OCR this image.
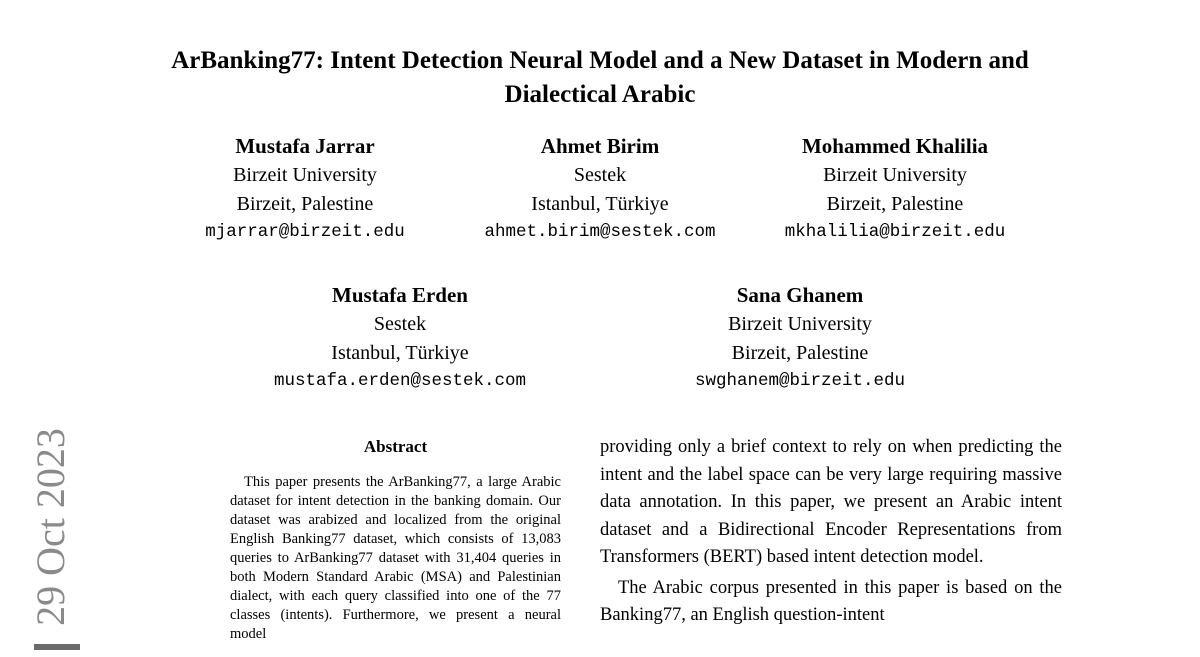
29 Oct 2023
ArBanking77: Intent Detection Neural Model and a New Dataset in Modern and Dialectical Arabic
Mustafa Jarrar
Birzeit University
Birzeit, Palestine
mjarrar@birzeit.edu
Ahmet Birim
Sestek
Istanbul, Türkiye
ahmet.birim@sestek.com
Mohammed Khalilia
Birzeit University
Birzeit, Palestine
mkhalilia@birzeit.edu
Mustafa Erden
Sestek
Istanbul, Türkiye
mustafa.erden@sestek.com
Sana Ghanem
Birzeit University
Birzeit, Palestine
swghanem@birzeit.edu
Abstract

This paper presents the ArBanking77, a large Arabic dataset for intent detection in the banking domain. Our dataset was arabized and localized from the original English Banking77 dataset, which consists of 13,083 queries to ArBanking77 dataset with 31,404 queries in both Modern Standard Arabic (MSA) and Palestinian dialect, with each query classified into one of the 77 classes (intents). Furthermore, we present a neural model

providing only a brief context to rely on when predicting the intent and the label space can be very large requiring massive data annotation. In this paper, we present an Arabic intent dataset and a Bidirectional Encoder Representations from Transformers (BERT) based intent detection model.

The Arabic corpus presented in this paper is based on the Banking77, an English question-intent
